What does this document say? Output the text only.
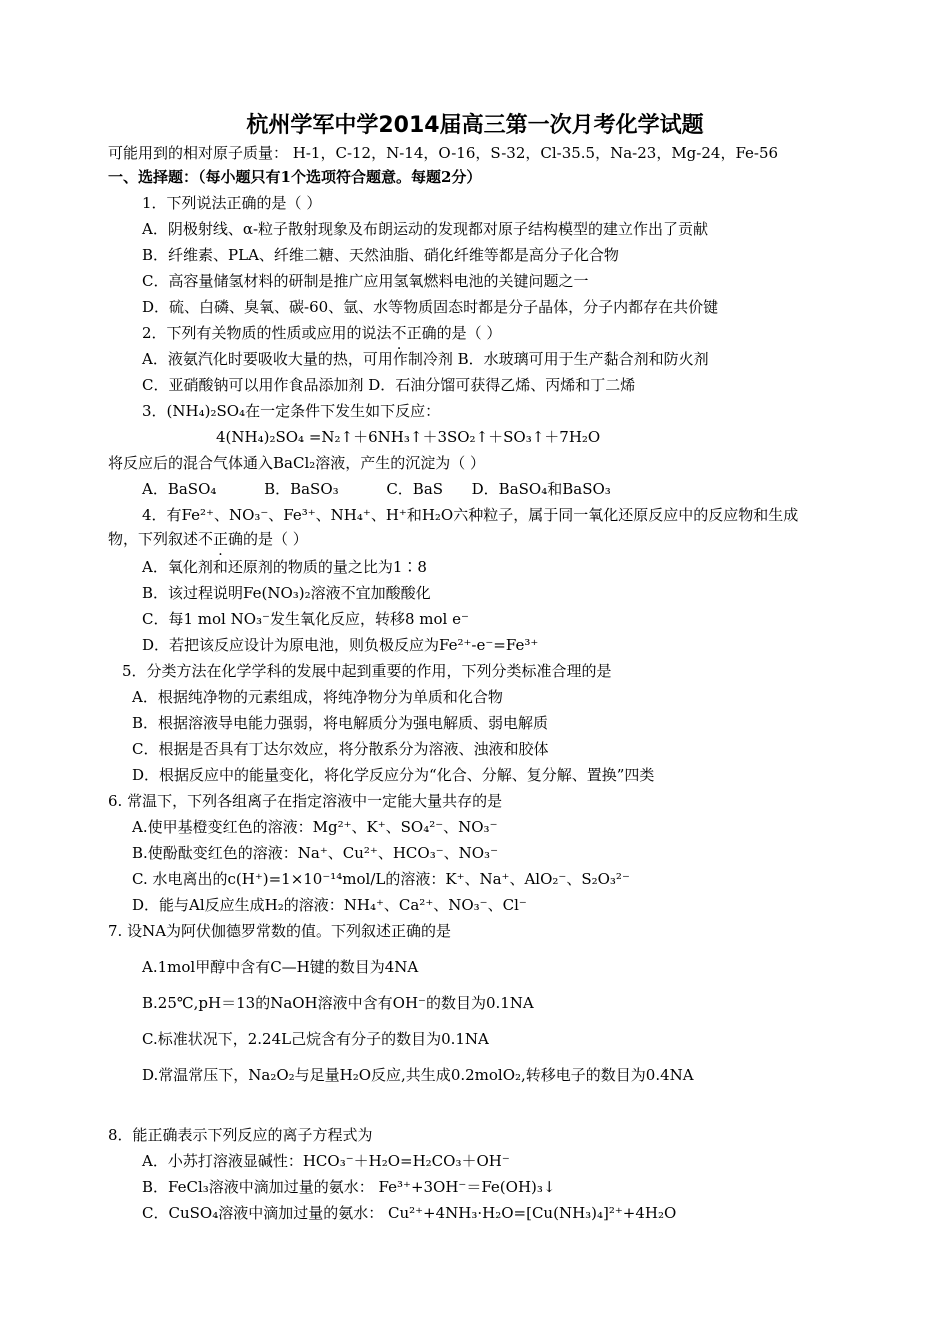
杭州学军中学2014届高三第一次月考化学试题
可能用到的相对原子质量： H-1，C-12，N-14，O-16，S-32，Cl-35.5，Na-23，Mg-24，Fe-56
一、选择题：（每小题只有1个选项符合题意。每题2分）
1．下列说法正确的是（ ）
A．阴极射线、α-粒子散射现象及布朗运动的发现都对原子结构模型的建立作出了贡献
B．纤维素、PLA、纤维二糖、天然油脂、硝化纤维等都是高分子化合物
C．高容量储氢材料的研制是推广应用氢氧燃料电池的关键问题之一
D．硫、白磷、臭氧、碳-60、氩、水等物质固态时都是分子晶体，分子内都存在共价键
2．下列有关物质的性质或应用的说法不正确的是（ ）
A．液氨汽化时要吸收大量的热，可用作制冷剂 B．水玻璃可用于生产黏合剂和防火剂
C．亚硝酸钠可以用作食品添加剂 D．石油分馏可获得乙烯、丙烯和丁二烯
3．(NH₄)₂SO₄在一定条件下发生如下反应：
4(NH₄)₂SO₄ =N₂↑＋6NH₃↑＋3SO₂↑＋SO₃↑＋7H₂O
将反应后的混合气体通入BaCl₂溶液，产生的沉淀为（ ）
A．BaSO₄          B．BaSO₃          C．BaS      D．BaSO₄和BaSO₃
4．有Fe²⁺、NO₃⁻、Fe³⁺、NH₄⁺、H⁺和H₂O六种粒子，属于同一氧化还原反应中的反应物和生成
物，下列叙述不正确的是（ ）
A．氧化剂和还原剂的物质的量之比为1∶8
B．该过程说明Fe(NO₃)₂溶液不宜加酸酸化
C．每1 mol NO₃⁻发生氧化反应，转移8 mol e⁻
D．若把该反应设计为原电池，则负极反应为Fe²⁺-e⁻=Fe³⁺
5．分类方法在化学学科的发展中起到重要的作用，下列分类标准合理的是
A．根据纯净物的元素组成，将纯净物分为单质和化合物
B．根据溶液导电能力强弱，将电解质分为强电解质、弱电解质
C．根据是否具有丁达尔效应，将分散系分为溶液、浊液和胶体
D．根据反应中的能量变化，将化学反应分为“化合、分解、复分解、置换”四类
6. 常温下，下列各组离子在指定溶液中一定能大量共存的是
A.使甲基橙变红色的溶液：Mg²⁺、K⁺、SO₄²⁻、NO₃⁻
B.使酚酞变红色的溶液：Na⁺、Cu²⁺、HCO₃⁻、NO₃⁻
C. 水电离出的c(H⁺)=1×10⁻¹⁴mol/L的溶液：K⁺、Na⁺、AlO₂⁻、S₂O₃²⁻
D．能与Al反应生成H₂的溶液：NH₄⁺、Ca²⁺、NO₃⁻、Cl⁻
7. 设NA为阿伏伽德罗常数的值。下列叙述正确的是
A.1mol甲醇中含有C—H键的数目为4NA
B.25℃,pH＝13的NaOH溶液中含有OH⁻的数目为0.1NA
C.标准状况下，2.24L己烷含有分子的数目为0.1NA
D.常温常压下，Na₂O₂与足量H₂O反应,共生成0.2molO₂,转移电子的数目为0.4NA
8．能正确表示下列反应的离子方程式为
A．小苏打溶液显碱性：HCO₃⁻＋H₂O=H₂CO₃＋OH⁻
B．FeCl₃溶液中滴加过量的氨水： Fe³⁺+3OH⁻＝Fe(OH)₃↓
C．CuSO₄溶液中滴加过量的氨水： Cu²⁺+4NH₃·H₂O=[Cu(NH₃)₄]²⁺+4H₂O
